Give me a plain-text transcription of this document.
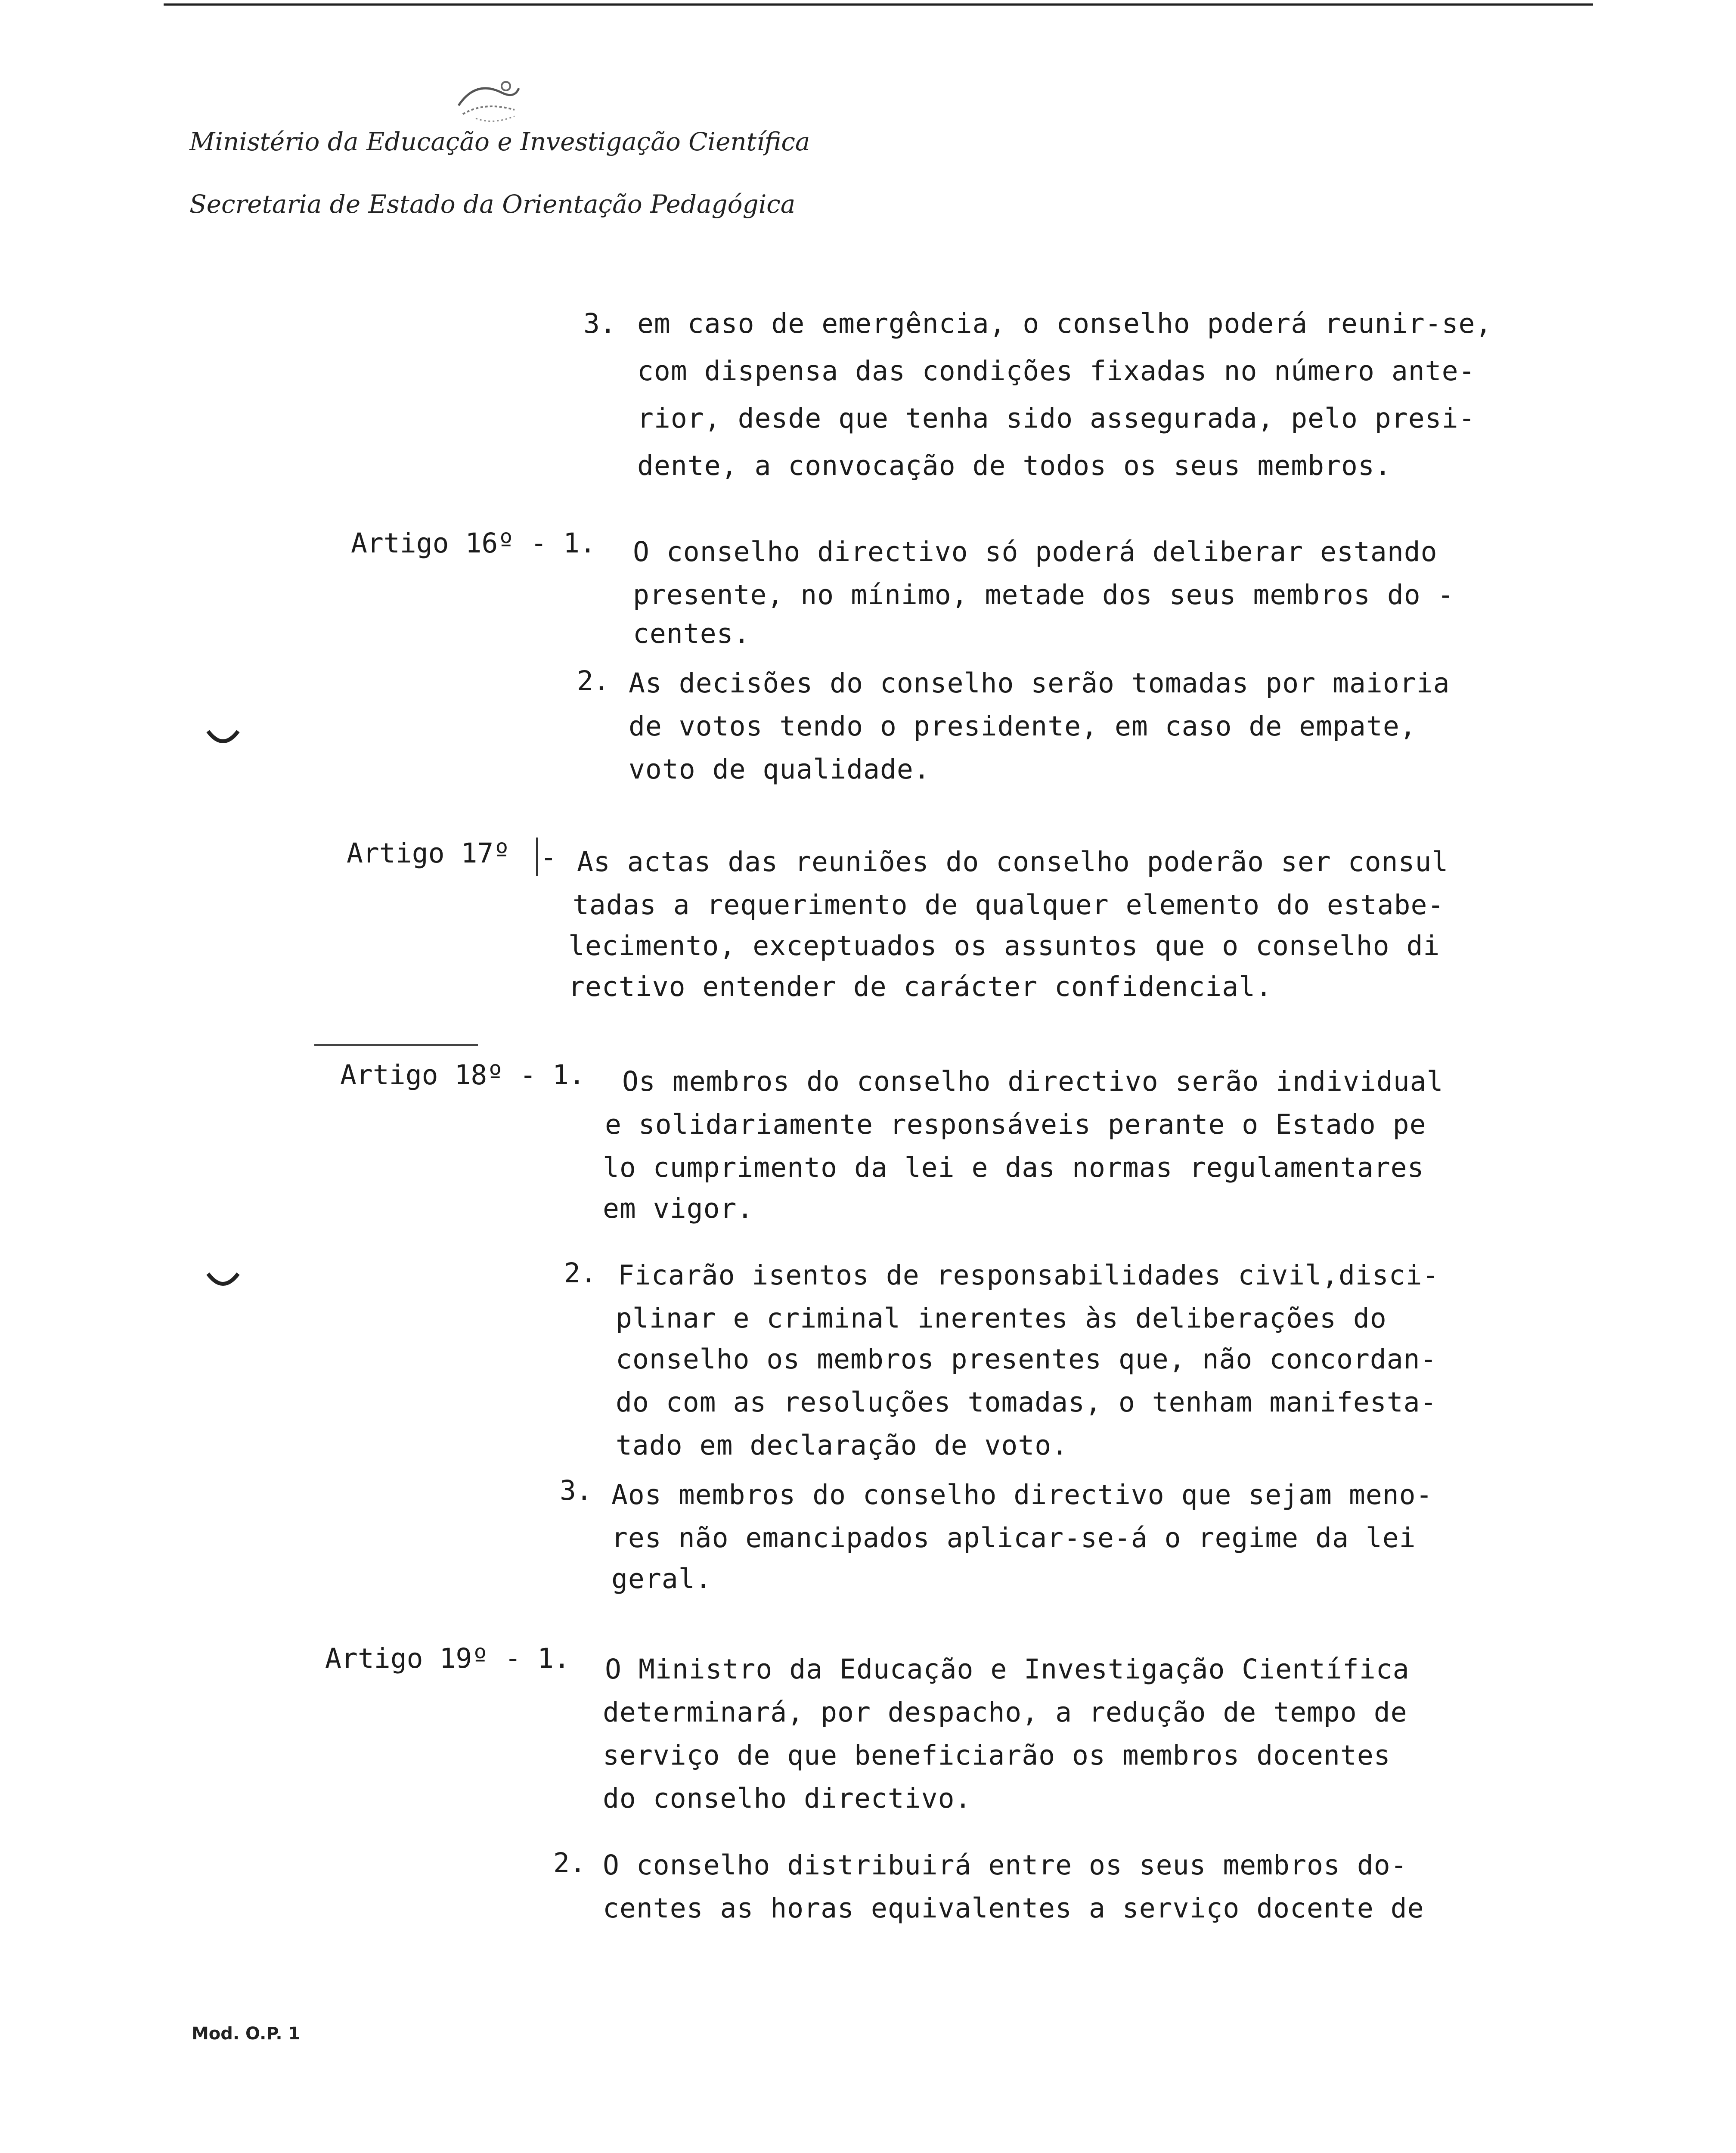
Ministério da Educação e Investigação Científica
Secretaria de Estado da Orientação Pedagógica
3. em caso de emergência, o conselho poderá reunir-se,
com dispensa das condições fixadas no número ante-
rior, desde que tenha sido assegurada, pelo presi-
dente, a convocação de todos os seus membros.
Artigo 16º - 1. O conselho directivo só poderá deliberar estando
presente, no mínimo, metade dos seus membros do -
centes.
2. As decisões do conselho serão tomadas por maioria
de votos tendo o presidente, em caso de empate,
voto de qualidade.
Artigo 17º - As actas das reuniões do conselho poderão ser consul
tadas a requerimento de qualquer elemento do estabe-
lecimento, exceptuados os assuntos que o conselho di
rectivo entender de carácter confidencial.
Artigo 18º - 1. Os membros do conselho directivo serão individual
e solidariamente responsáveis perante o Estado pe
lo cumprimento da lei e das normas regulamentares
em vigor.
2. Ficarão isentos de responsabilidades civil,disci-
plinar e criminal inerentes às deliberações do
conselho os membros presentes que, não concordan-
do com as resoluções tomadas, o tenham manifesta-
tado em declaração de voto.
3. Aos membros do conselho directivo que sejam meno-
res não emancipados aplicar-se-á o regime da lei
geral.
Artigo 19º - 1. O Ministro da Educação e Investigação Científica
determinará, por despacho, a redução de tempo de
serviço de que beneficiarão os membros docentes
do conselho directivo.
2. O conselho distribuirá entre os seus membros do-
centes as horas equivalentes a serviço docente de
Mod. O.P. 1
